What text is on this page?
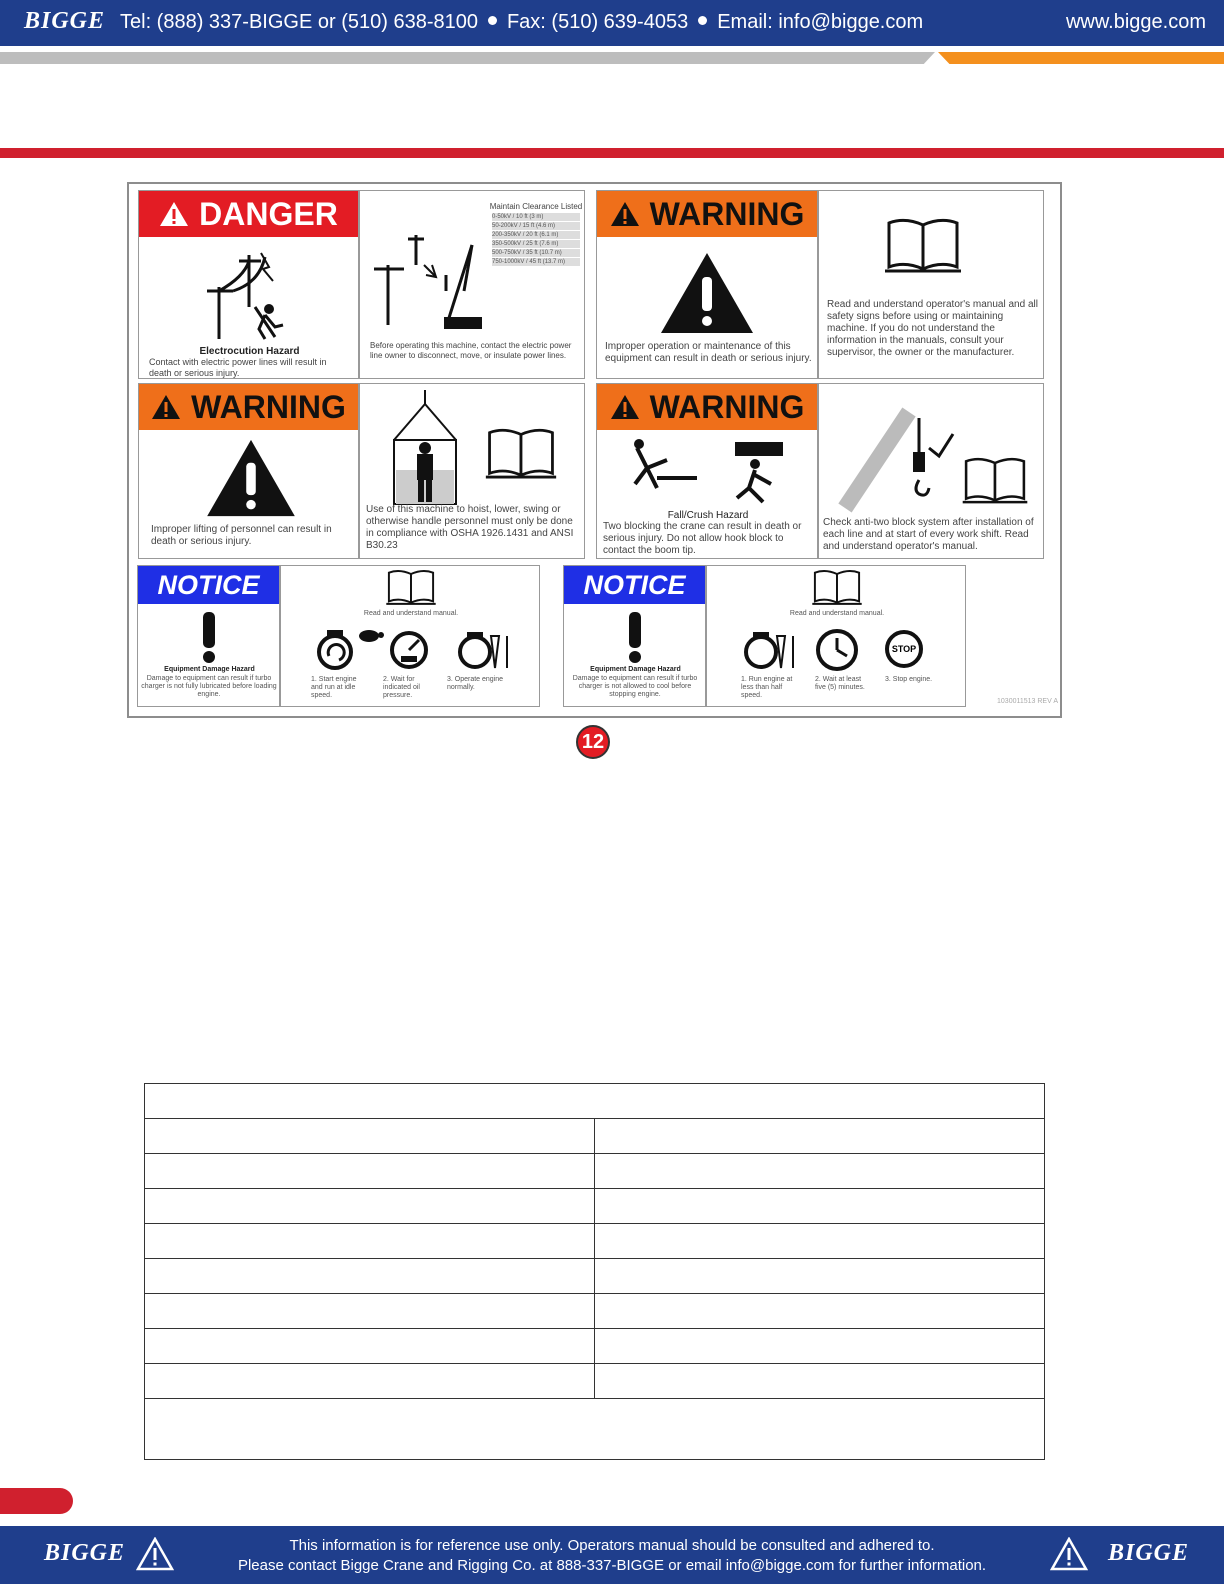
BIGGE Tel: (888) 337-BIGGE or (510) 638-8100 Fax: (510) 639-4053 Email: info@bigge.com	www.bigge.com
DANGER
Electrocution Hazard
Contact with electric power lines will result in death or serious injury.
Maintain Clearance Listed
0-50kV / 10 ft (3 m)
50-200kV / 15 ft (4.6 m)
200-350kV / 20 ft (6.1 m)
350-500kV / 25 ft (7.6 m)
500-750kV / 35 ft (10.7 m)
750-1000kV / 45 ft (13.7 m)
Before operating this machine, contact the electric power line owner to disconnect, move, or insulate power lines.
WARNING
Improper operation or maintenance of this equipment can result in death or serious injury.
Read and understand operator's manual and all safety signs before using or maintaining machine. If you do not understand the information in the manuals, consult your supervisor, the owner or the manufacturer.
WARNING
Improper lifting of personnel can result in death or serious injury.
Use of this machine to hoist, lower, swing or otherwise handle personnel must only be done in compliance with OSHA 1926.1431 and ANSI B30.23
WARNING
Fall/Crush Hazard
Two blocking the crane can result in death or serious injury. Do not allow hook block to contact the boom tip.
Check anti-two block system after installation of each line and at start of every work shift. Read and understand operator's manual.
NOTICE
Equipment Damage Hazard
Damage to equipment can result if turbo charger is not fully lubricated before loading engine.
Read and understand manual.
1. Start engine and run at idle speed.
2. Wait for indicated oil pressure.
3. Operate engine normally.
NOTICE
Equipment Damage Hazard
Damage to equipment can result if turbo charger is not allowed to cool before stopping engine.
Read and understand manual.
STOP
1. Run engine at less than half speed.
2. Wait at least five (5) minutes.
3. Stop engine.
1030011513 REV A
12

BIGGE	This information is for reference use only. Operators manual should be consulted and adhered to.
Please contact Bigge Crane and Rigging Co. at 888-337-BIGGE or email info@bigge.com for further information.	BIGGE
